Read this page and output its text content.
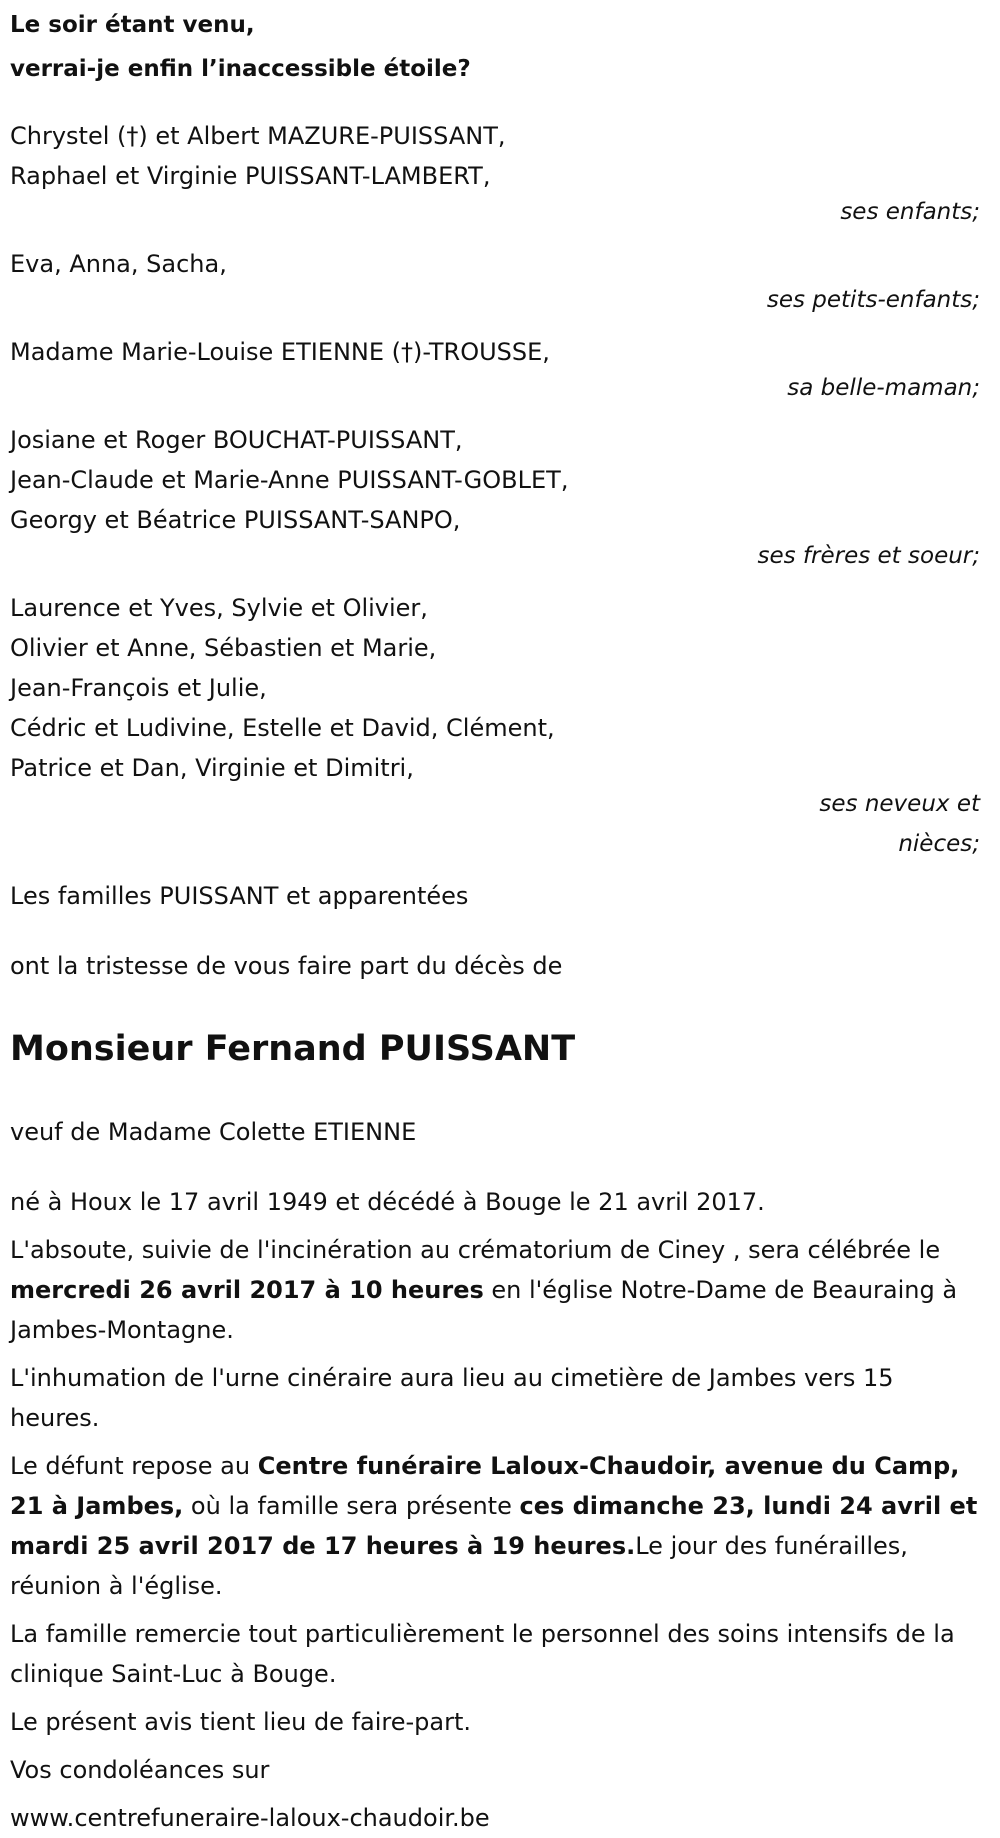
Le soir étant venu,
verrai-je enfin l’inaccessible étoile?
Chrystel (†) et Albert MAZURE-PUISSANT,
Raphael et Virginie PUISSANT-LAMBERT,
ses enfants;
Eva, Anna, Sacha,
ses petits-enfants;
Madame Marie-Louise ETIENNE (†)-TROUSSE,
sa belle-maman;
Josiane et Roger BOUCHAT-PUISSANT,
Jean-Claude et Marie-Anne PUISSANT-GOBLET,
Georgy et Béatrice PUISSANT-SANPO,
ses frères et soeur;
Laurence et Yves, Sylvie et Olivier,
Olivier et Anne, Sébastien et Marie,
Jean-François et Julie,
Cédric et Ludivine, Estelle et David, Clément,
Patrice et Dan, Virginie et Dimitri,
ses neveux et
nièces;
Les familles PUISSANT et apparentées
ont la tristesse de vous faire part du décès de
Monsieur Fernand PUISSANT
veuf de Madame Colette ETIENNE
né à Houx le 17 avril 1949 et décédé à Bouge le 21 avril 2017.
L'absoute, suivie de l'incinération au crématorium de Ciney , sera célébrée le mercredi 26 avril 2017 à 10 heures en l'église Notre-Dame de Beauraing à Jambes-Montagne.
L'inhumation de l'urne cinéraire aura lieu au cimetière de Jambes vers 15 heures.
Le défunt repose au Centre funéraire Laloux-Chaudoir, avenue du Camp, 21 à Jambes, où la famille sera présente ces dimanche 23, lundi 24 avril et mardi 25 avril 2017 de 17 heures à 19 heures.Le jour des funérailles, réunion à l'église.
La famille remercie tout particulièrement le personnel des soins intensifs de la clinique Saint-Luc à Bouge.
Le présent avis tient lieu de faire-part.
Vos condoléances sur
www.centrefuneraire-laloux-chaudoir.be
